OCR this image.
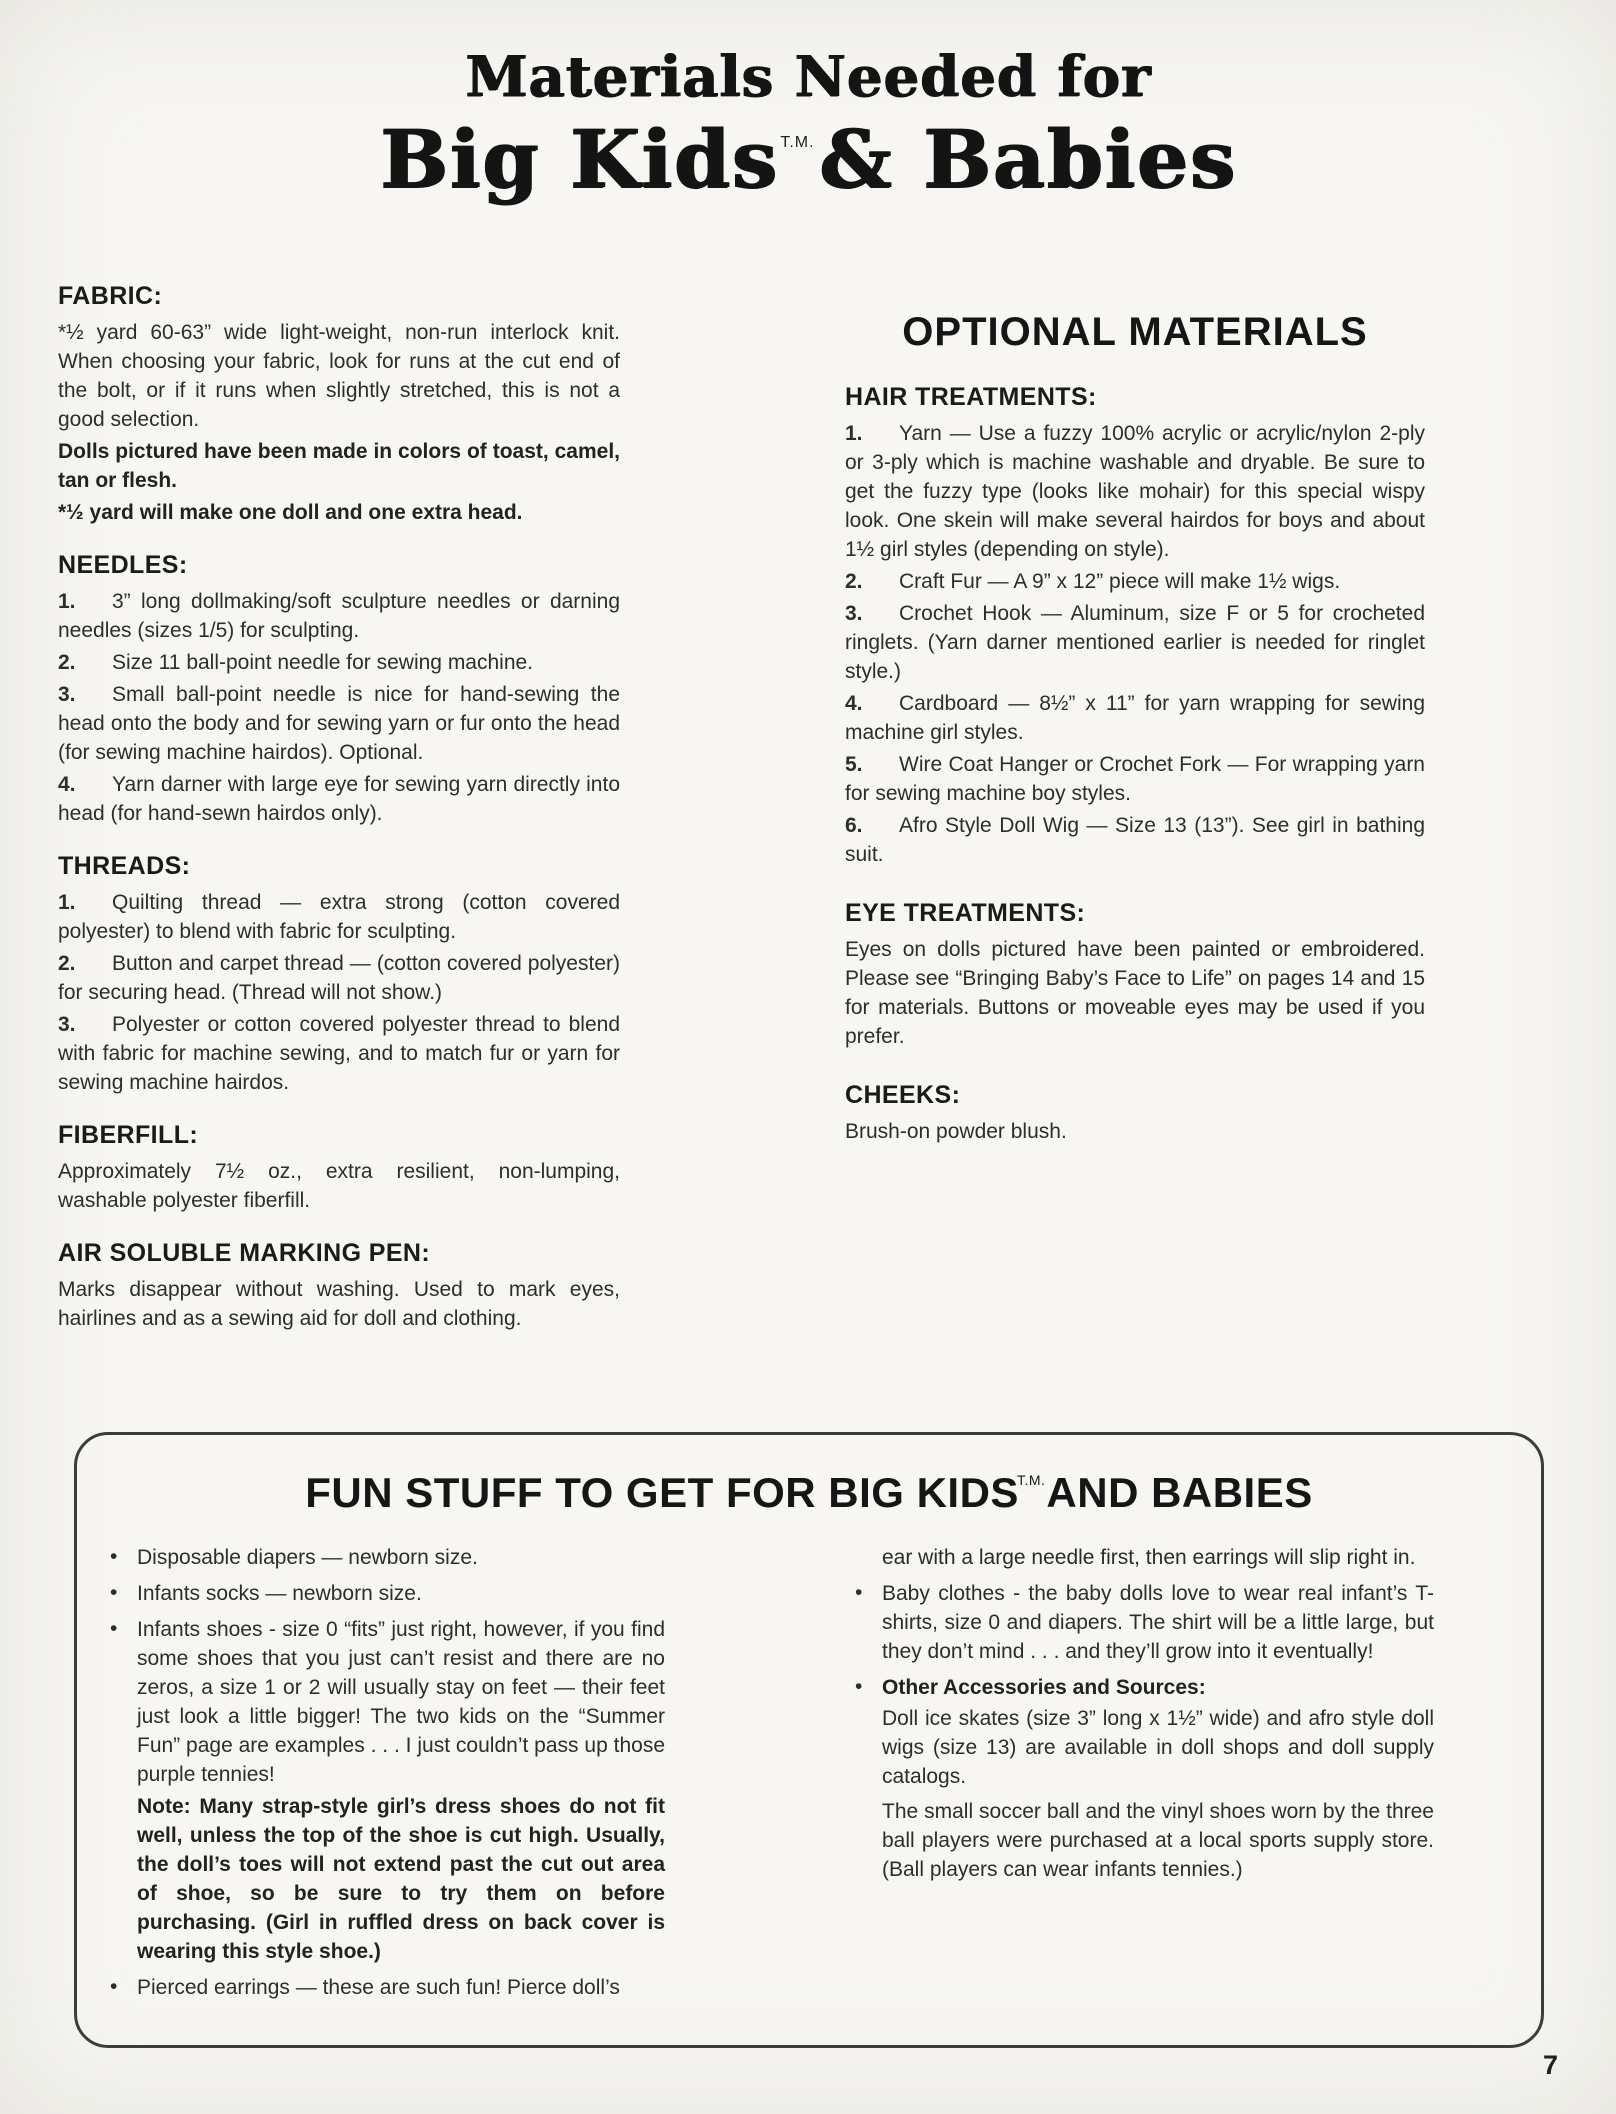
Materials Needed for
Big Kids T.M.& Babies
FABRIC:

*½ yard 60-63” wide light-weight, non-run interlock knit. When choosing your fabric, look for runs at the cut end of the bolt, or if it runs when slightly stretched, this is not a good selection.

Dolls pictured have been made in colors of toast, camel, tan or flesh.

*½ yard will make one doll and one extra head.

NEEDLES:

1. 3” long dollmaking/soft sculpture needles or darning needles (sizes 1/5) for sculpting.

2. Size 11 ball-point needle for sewing machine.

3. Small ball-point needle is nice for hand-sewing the head onto the body and for sewing yarn or fur onto the head (for sewing machine hairdos). Optional.

4. Yarn darner with large eye for sewing yarn directly into head (for hand-sewn hairdos only).

THREADS:

1. Quilting thread — extra strong (cotton covered polyester) to blend with fabric for sculpting.

2. Button and carpet thread — (cotton covered polyester) for securing head. (Thread will not show.)

3. Polyester or cotton covered polyester thread to blend with fabric for machine sewing, and to match fur or yarn for sewing machine hairdos.

FIBERFILL:

Approximately 7½ oz., extra resilient, non-lumping, washable polyester fiberfill.

AIR SOLUBLE MARKING PEN:

Marks disappear without washing. Used to mark eyes, hairlines and as a sewing aid for doll and clothing.

OPTIONAL MATERIALS
HAIR TREATMENTS:

1. Yarn — Use a fuzzy 100% acrylic or acrylic/nylon 2-ply or 3-ply which is machine washable and dryable. Be sure to get the fuzzy type (looks like mohair) for this special wispy look. One skein will make several hairdos for boys and about 1½ girl styles (depending on style).

2. Craft Fur — A 9” x 12” piece will make 1½ wigs.

3. Crochet Hook — Aluminum, size F or 5 for crocheted ringlets. (Yarn darner mentioned earlier is needed for ringlet style.)

4. Cardboard — 8½” x 11” for yarn wrapping for sewing machine girl styles.

5. Wire Coat Hanger or Crochet Fork — For wrapping yarn for sewing machine boy styles.

6. Afro Style Doll Wig — Size 13 (13”). See girl in bathing suit.

EYE TREATMENTS:

Eyes on dolls pictured have been painted or embroidered. Please see “Bringing Baby’s Face to Life” on pages 14 and 15 for materials. Buttons or moveable eyes may be used if you prefer.

CHEEKS:

Brush-on powder blush.

FUN STUFF TO GET FOR BIG KIDST.M.AND BABIES
• Disposable diapers — newborn size.
• Infants socks — newborn size.
• Infants shoes - size 0 “fits” just right, however, if you find some shoes that you just can’t resist and there are no zeros, a size 1 or 2 will usually stay on feet — their feet just look a little bigger! The two kids on the “Summer Fun” page are examples . . . I just couldn’t pass up those purple tennies!

Note: Many strap-style girl’s dress shoes do not fit well, unless the top of the shoe is cut high. Usually, the doll’s toes will not extend past the cut out area of shoe, so be sure to try them on before purchasing. (Girl in ruffled dress on back cover is wearing this style shoe.)

• Pierced earrings — these are such fun! Pierce doll’s

ear with a large needle first, then earrings will slip right in.

• Baby clothes - the baby dolls love to wear real infant’s T-shirts, size 0 and diapers. The shirt will be a little large, but they don’t mind . . . and they’ll grow into it eventually!
• Other Accessories and Sources:

Doll ice skates (size 3” long x 1½” wide) and afro style doll wigs (size 13) are available in doll shops and doll supply catalogs.

The small soccer ball and the vinyl shoes worn by the three ball players were purchased at a local sports supply store. (Ball players can wear infants tennies.)

7
